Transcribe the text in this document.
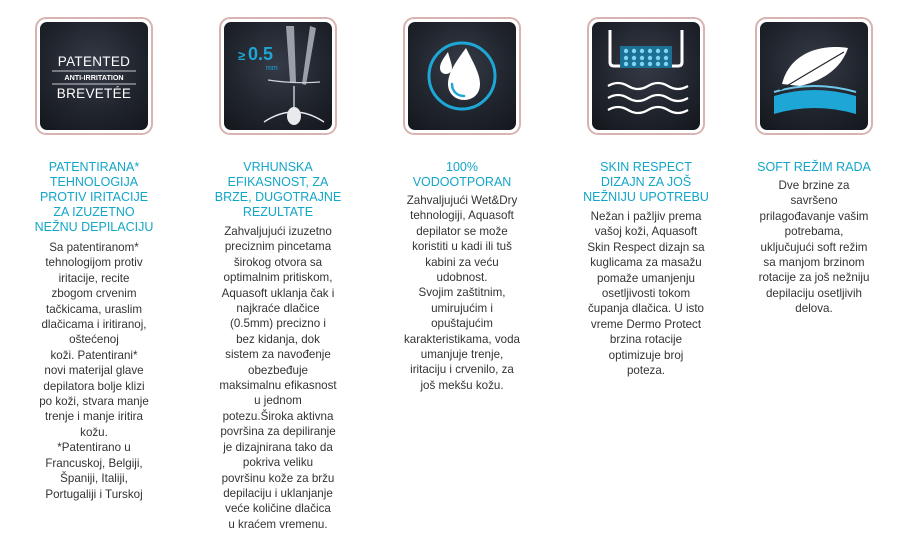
PATENTED
ANTI-IRRITATION
BREVETÉE
PATENTIRANA*
TEHNOLOGIJA
PROTIV IRITACIJE
ZA IZUZETNO
NEŽNU DEPILACIJU
Sa patentiranom*
tehnologijom protiv
iritacije, recite
zbogom crvenim
tačkicama, uraslim
dlačicama i iritiranoj,
oštećenoj
koži. Patentirani*
novi materijal glave
depilatora bolje klizi
po koži, stvara manje
trenje i manje iritira
kožu.
*Patentirano u
Francuskoj, Belgiji,
Španiji, Italiji,
Portugaliji i Turskoj
≥ 0.5
mm
VRHUNSKA
EFIKASNOST, ZA
BRZE, DUGOTRAJNE
REZULTATE
Zahvaljujući izuzetno
preciznim pincetama
širokog otvora sa
optimalnim pritiskom,
Aquasoft uklanja čak i
najkraće dlačice
(0.5mm) precizno i
bez kidanja, dok
sistem za navođenje
obezbeđuje
maksimalnu efikasnost
u jednom
potezu.Široka aktivna
površina za depiliranje
je dizajnirana tako da
pokriva veliku
površinu kože za bržu
depilaciju i uklanjanje
veće količine dlačica
u kraćem vremenu.
100%
VODOOTPORAN
Zahvaljujući Wet&Dry
tehnologiji, Aquasoft
depilator se može
koristiti u kadi ili tuš
kabini za veću
udobnost.
Svojim zaštitnim,
umirujućim i
opuštajućim
karakteristikama, voda
umanjuje trenje,
iritaciju i crvenilo, za
još mekšu kožu.
SKIN RESPECT
DIZAJN ZA JOŠ
NEŽNIJU UPOTREBU
Nežan i pažljiv prema
vašoj koži, Aquasoft
Skin Respect dizajn sa
kuglicama za masažu
pomaže umanjenju
osetljivosti tokom
čupanja dlačica. U isto
vreme Dermo Protect
brzina rotacije
optimizuje broj
poteza.
SOFT REŽIM RADA
Dve brzine za
savršeno
prilagođavanje vašim
potrebama,
uključujući soft režim
sa manjom brzinom
rotacije za još nežniju
depilaciju osetljivih
delova.
